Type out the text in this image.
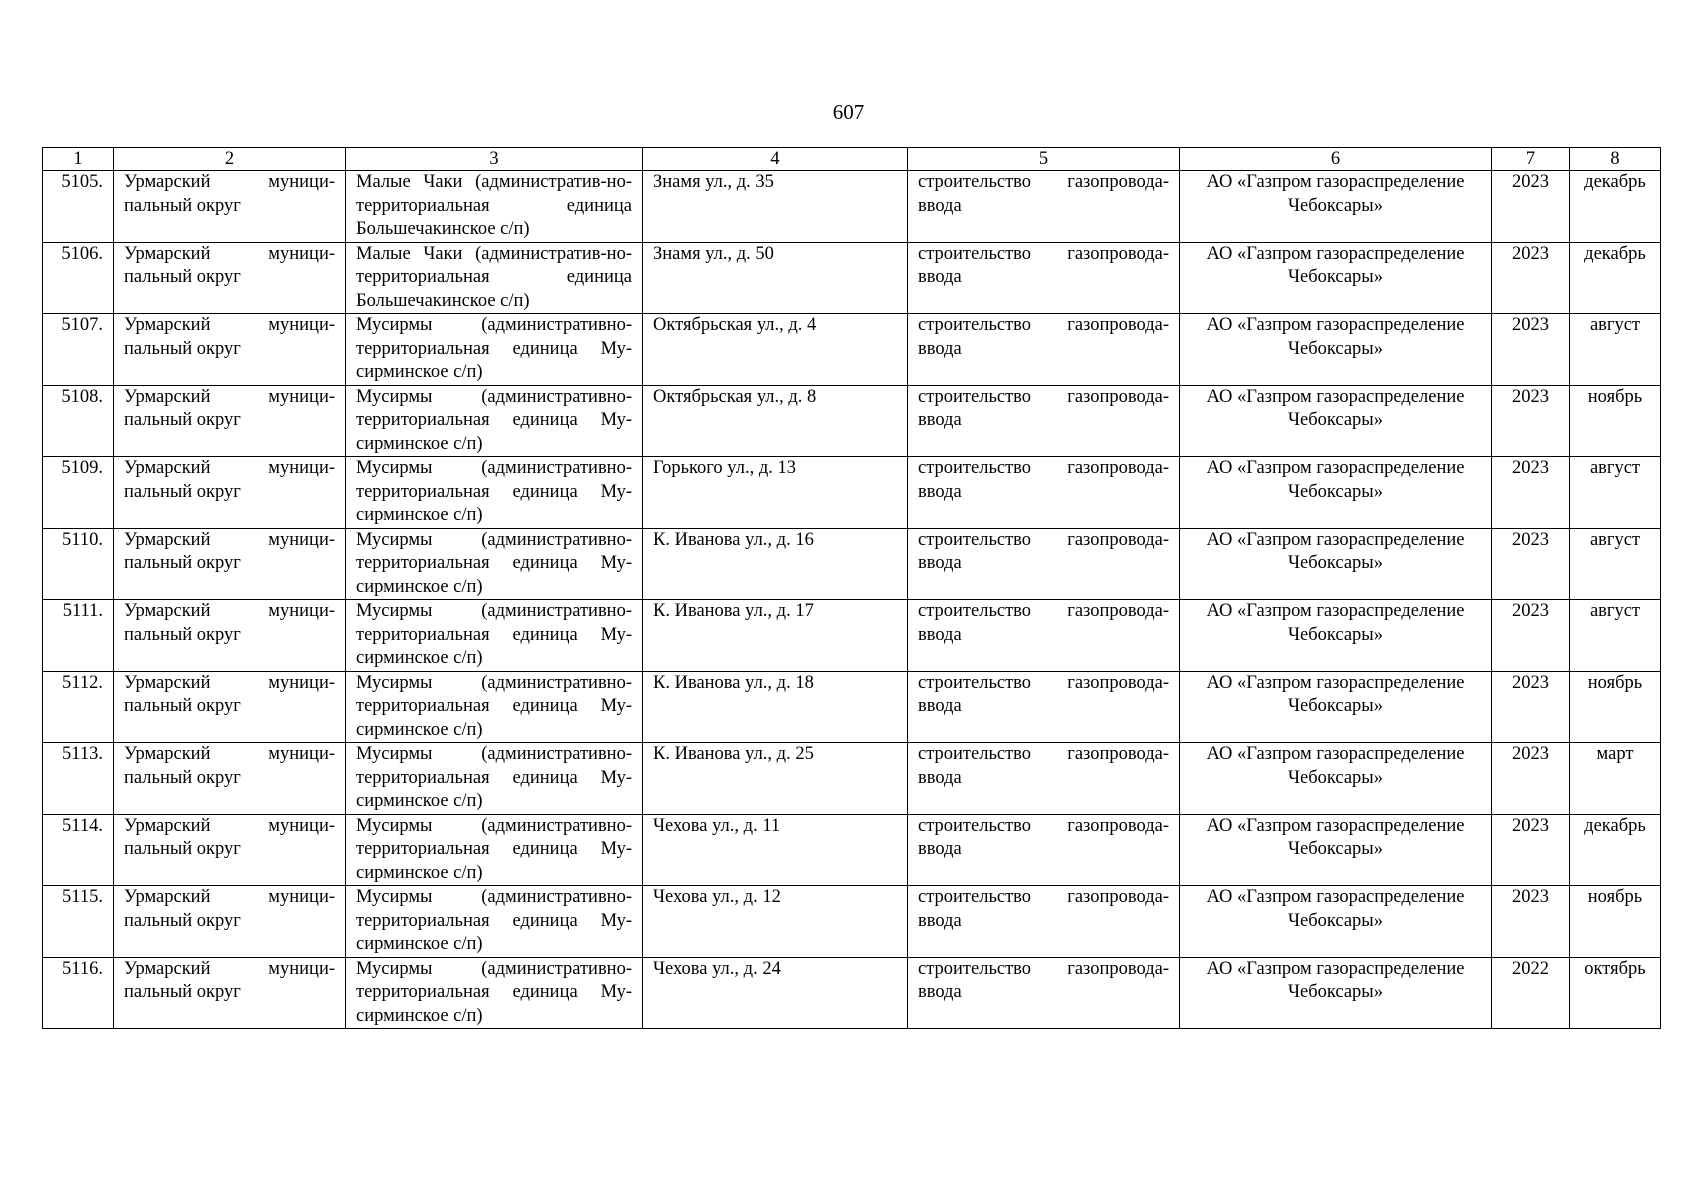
607
1	2	3	4	5	6	7	8
5105.	Урмарский муници-пальный округ	Малые Чаки (административ-но-территориальная единица Большечакинское с/п)	Знамя ул., д. 35	строительство газопровода-ввода	АО «Газпром газораспределение Чебоксары»	2023	декабрь
5106.	Урмарский муници-пальный округ	Малые Чаки (административ-но-территориальная единица Большечакинское с/п)	Знамя ул., д. 50	строительство газопровода-ввода	АО «Газпром газораспределение Чебоксары»	2023	декабрь
5107.	Урмарский муници-пальный округ	Мусирмы (административно-территориальная единица Му-сирминское с/п)	Октябрьская ул., д. 4	строительство газопровода-ввода	АО «Газпром газораспределение Чебоксары»	2023	август
5108.	Урмарский муници-пальный округ	Мусирмы (административно-территориальная единица Му-сирминское с/п)	Октябрьская ул., д. 8	строительство газопровода-ввода	АО «Газпром газораспределение Чебоксары»	2023	ноябрь
5109.	Урмарский муници-пальный округ	Мусирмы (административно-территориальная единица Му-сирминское с/п)	Горького ул., д. 13	строительство газопровода-ввода	АО «Газпром газораспределение Чебоксары»	2023	август
5110.	Урмарский муници-пальный округ	Мусирмы (административно-территориальная единица Му-сирминское с/п)	К. Иванова ул., д. 16	строительство газопровода-ввода	АО «Газпром газораспределение Чебоксары»	2023	август
5111.	Урмарский муници-пальный округ	Мусирмы (административно-территориальная единица Му-сирминское с/п)	К. Иванова ул., д. 17	строительство газопровода-ввода	АО «Газпром газораспределение Чебоксары»	2023	август
5112.	Урмарский муници-пальный округ	Мусирмы (административно-территориальная единица Му-сирминское с/п)	К. Иванова ул., д. 18	строительство газопровода-ввода	АО «Газпром газораспределение Чебоксары»	2023	ноябрь
5113.	Урмарский муници-пальный округ	Мусирмы (административно-территориальная единица Му-сирминское с/п)	К. Иванова ул., д. 25	строительство газопровода-ввода	АО «Газпром газораспределение Чебоксары»	2023	март
5114.	Урмарский муници-пальный округ	Мусирмы (административно-территориальная единица Му-сирминское с/п)	Чехова ул., д. 11	строительство газопровода-ввода	АО «Газпром газораспределение Чебоксары»	2023	декабрь
5115.	Урмарский муници-пальный округ	Мусирмы (административно-территориальная единица Му-сирминское с/п)	Чехова ул., д. 12	строительство газопровода-ввода	АО «Газпром газораспределение Чебоксары»	2023	ноябрь
5116.	Урмарский муници-пальный округ	Мусирмы (административно-территориальная единица Му-сирминское с/п)	Чехова ул., д. 24	строительство газопровода-ввода	АО «Газпром газораспределение Чебоксары»	2022	октябрь
